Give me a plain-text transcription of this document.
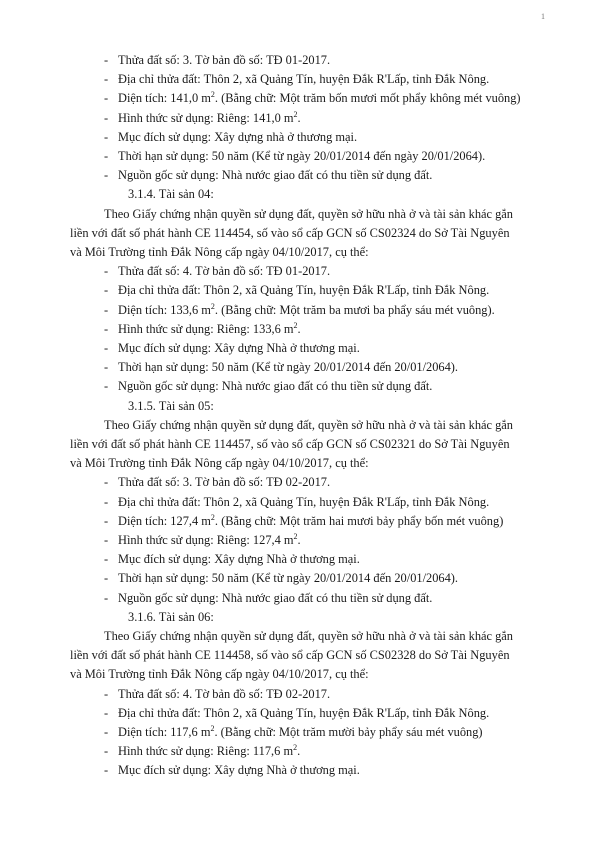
1
- Thửa đất số: 3. Tờ bản đồ số: TĐ 01-2017.
- Địa chỉ thửa đất: Thôn 2, xã Quảng Tín, huyện Đắk R'Lấp, tỉnh Đắk Nông.
- Diện tích: 141,0 $m^2$. (Bằng chữ: Một trăm bốn mươi mốt phẩy không mét vuông)
- Hình thức sử dụng: Riêng: 141,0 $m^2$.
- Mục đích sử dụng: Xây dựng nhà ở thương mại.
- Thời hạn sử dụng: 50 năm (Kể từ ngày 20/01/2014 đến ngày 20/01/2064).
- Nguồn gốc sử dụng: Nhà nước giao đất có thu tiền sử dụng đất.
3.1.4. Tài sản 04:
Theo Giấy chứng nhận quyền sử dụng đất, quyền sở hữu nhà ở và tài sản khác gắn
liền với đất số phát hành CE 114454, số vào sổ cấp GCN số CS02324 do Sở Tài Nguyên
và Môi Trường tỉnh Đắk Nông cấp ngày 04/10/2017, cụ thể:
- Thửa đất số: 4. Tờ bản đồ số: TĐ 01-2017.
- Địa chỉ thửa đất: Thôn 2, xã Quảng Tín, huyện Đắk R'Lấp, tỉnh Đắk Nông.
- Diện tích: 133,6 $m^2$. (Bằng chữ: Một trăm ba mươi ba phẩy sáu mét vuông).
- Hình thức sử dụng: Riêng: 133,6 $m^2$.
- Mục đích sử dụng: Xây dựng Nhà ở thương mại.
- Thời hạn sử dụng: 50 năm (Kể từ ngày 20/01/2014 đến 20/01/2064).
- Nguồn gốc sử dụng: Nhà nước giao đất có thu tiền sử dụng đất.
3.1.5. Tài sản 05:
Theo Giấy chứng nhận quyền sử dụng đất, quyền sở hữu nhà ở và tài sản khác gắn
liền với đất số phát hành CE 114457, số vào sổ cấp GCN số CS02321 do Sở Tài Nguyên
và Môi Trường tỉnh Đắk Nông cấp ngày 04/10/2017, cụ thể:
- Thửa đất số: 3. Tờ bản đồ số: TĐ 02-2017.
- Địa chỉ thửa đất: Thôn 2, xã Quảng Tín, huyện Đắk R'Lấp, tỉnh Đắk Nông.
- Diện tích: 127,4 $m^2$. (Bằng chữ: Một trăm hai mươi bảy phẩy bốn mét vuông)
- Hình thức sử dụng: Riêng: 127,4 $m^2$.
- Mục đích sử dụng: Xây dựng Nhà ở thương mại.
- Thời hạn sử dụng: 50 năm (Kể từ ngày 20/01/2014 đến 20/01/2064).
- Nguồn gốc sử dụng: Nhà nước giao đất có thu tiền sử dụng đất.
3.1.6. Tài sản 06:
Theo Giấy chứng nhận quyền sử dụng đất, quyền sở hữu nhà ở và tài sản khác gắn
liền với đất số phát hành CE 114458, số vào sổ cấp GCN số CS02328 do Sở Tài Nguyên
và Môi Trường tỉnh Đắk Nông cấp ngày 04/10/2017, cụ thể:
- Thửa đất số: 4. Tờ bản đồ số: TĐ 02-2017.
- Địa chỉ thửa đất: Thôn 2, xã Quảng Tín, huyện Đắk R'Lấp, tỉnh Đắk Nông.
- Diện tích: 117,6 $m^2$. (Bằng chữ: Một trăm mười bảy phẩy sáu mét vuông)
- Hình thức sử dụng: Riêng: 117,6 $m^2$.
- Mục đích sử dụng: Xây dựng Nhà ở thương mại.
